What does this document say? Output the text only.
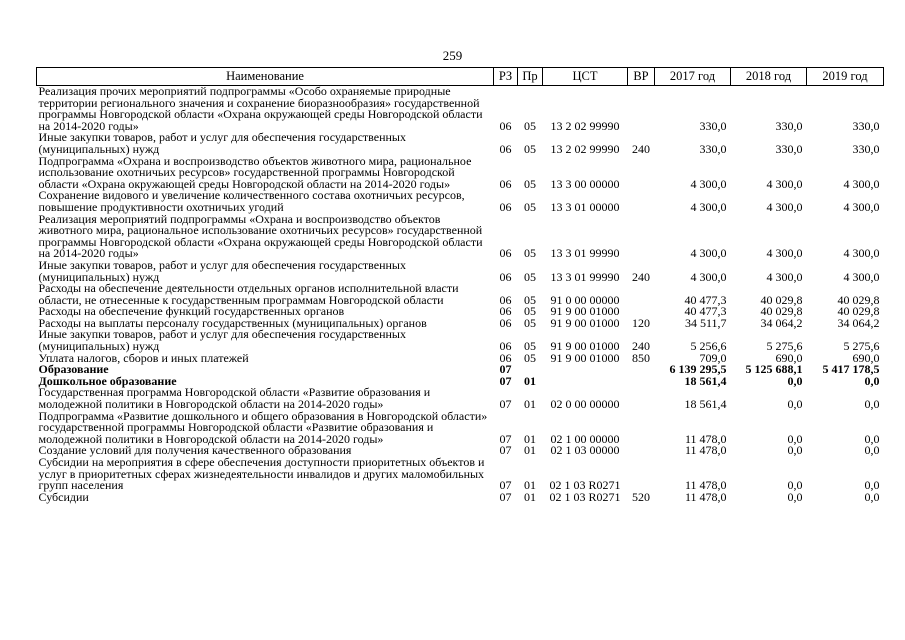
259
Наименование	РЗ	Пр	ЦСТ	ВР	2017 год	2018 год	2019 год
Реализация прочих мероприятий подпрограммы «Особо охраняемые природные территории регионального значения и сохранение биоразнообразия» государственной программы Новгородской области «Охрана окружающей среды Новгородской области на 2014-2020 годы»	06	05	13 2 02 99990		330,0	330,0	330,0
Иные закупки товаров, работ и услуг для обеспечения государственных (муниципальных) нужд	06	05	13 2 02 99990	240	330,0	330,0	330,0
Подпрограмма «Охрана и воспроизводство объектов животного мира, рациональное использование охотничьих ресурсов» государственной программы Новгородской области «Охрана окружающей среды Новгородской области на 2014-2020 годы»	06	05	13 3 00 00000		4 300,0	4 300,0	4 300,0
Сохранение видового и увеличение количественного состава охотничьих ресурсов, повышение продуктивности охотничьих угодий	06	05	13 3 01 00000		4 300,0	4 300,0	4 300,0
Реализация мероприятий подпрограммы «Охрана и воспроизводство объектов животного мира, рациональное использование охотничьих ресурсов» государственной программы Новгородской области «Охрана окружающей среды Новгородской области на 2014-2020 годы»	06	05	13 3 01 99990		4 300,0	4 300,0	4 300,0
Иные закупки товаров, работ и услуг для обеспечения государственных (муниципальных) нужд	06	05	13 3 01 99990	240	4 300,0	4 300,0	4 300,0
Расходы на обеспечение деятельности отдельных органов исполнительной власти области, не отнесенные к государственным программам Новгородской области	06	05	91 0 00 00000		40 477,3	40 029,8	40 029,8
Расходы на обеспечение функций государственных органов	06	05	91 9 00 01000		40 477,3	40 029,8	40 029,8
Расходы на выплаты персоналу государственных (муниципальных) органов	06	05	91 9 00 01000	120	34 511,7	34 064,2	34 064,2
Иные закупки товаров, работ и услуг для обеспечения государственных (муниципальных) нужд	06	05	91 9 00 01000	240	5 256,6	5 275,6	5 275,6
Уплата налогов, сборов и иных платежей	06	05	91 9 00 01000	850	709,0	690,0	690,0
Образование	07				6 139 295,5	5 125 688,1	5 417 178,5
Дошкольное образование	07	01			18 561,4	0,0	0,0
Государственная программа Новгородской области «Развитие образования и молодежной политики в Новгородской области на 2014-2020 годы»	07	01	02 0 00 00000		18 561,4	0,0	0,0
Подпрограмма «Развитие дошкольного и общего образования в Новгородской области» государственной программы Новгородской области «Развитие образования и молодежной политики в Новгородской области на 2014-2020 годы»	07	01	02 1 00 00000		11 478,0	0,0	0,0
Создание условий для получения качественного образования	07	01	02 1 03 00000		11 478,0	0,0	0,0
Субсидии на мероприятия в сфере обеспечения доступности приоритетных объектов и услуг в приоритетных сферах жизнедеятельности инвалидов и других маломобильных групп населения	07	01	02 1 03 R0271		11 478,0	0,0	0,0
Субсидии	07	01	02 1 03 R0271	520	11 478,0	0,0	0,0
